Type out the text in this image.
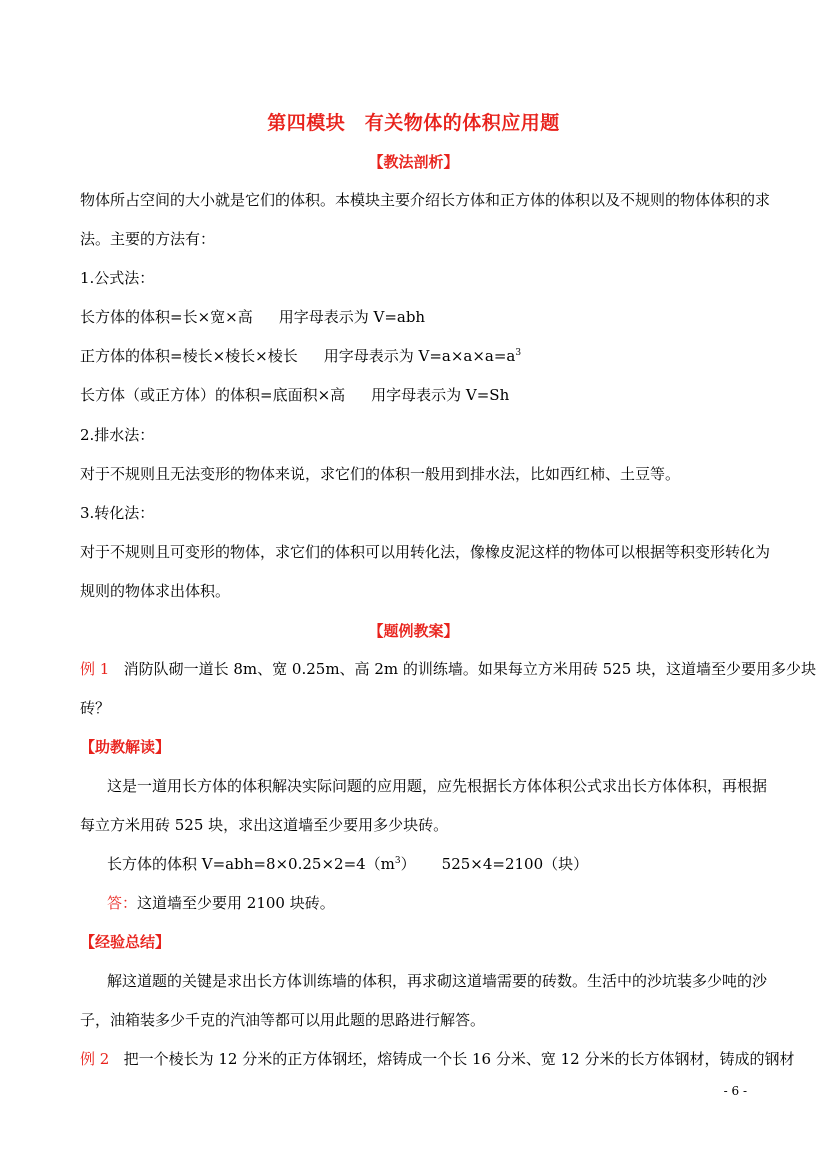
第四模块　有关物体的体积应用题
【教法剖析】
物体所占空间的大小就是它们的体积。本模块主要介绍长方体和正方体的体积以及不规则的物体体积的求
法。主要的方法有：
1.公式法：
长方体的体积=长×宽×高 用字母表示为 V=abh
正方体的体积=棱长×棱长×棱长 用字母表示为 $V=a\times a\times a=a^3$
长方体（或正方体）的体积=底面积×高 用字母表示为 V=Sh
2.排水法：
对于不规则且无法变形的物体来说，求它们的体积一般用到排水法，比如西红柿、土豆等。
3.转化法：
对于不规则且可变形的物体，求它们的体积可以用转化法，像橡皮泥这样的物体可以根据等积变形转化为
规则的物体求出体积。
【题例教案】
例 1 消防队砌一道长 8m、宽 0.25m、高 2m 的训练墙。如果每立方米用砖 525 块，这道墙至少要用多少块
砖？
【助教解读】
这是一道用长方体的体积解决实际问题的应用题，应先根据长方体体积公式求出长方体体积，再根据
每立方米用砖 525 块，求出这道墙至少要用多少块砖。
长方体的体积 $V=abh=8\times 0.25\times 2=4(m^3)$ 525×4=2100（块）
答：这道墙至少要用 2100 块砖。
【经验总结】
解这道题的关键是求出长方体训练墙的体积，再求砌这道墙需要的砖数。生活中的沙坑装多少吨的沙
子，油箱装多少千克的汽油等都可以用此题的思路进行解答。
例 2 把一个棱长为 12 分米的正方体钢坯，熔铸成一个长 16 分米、宽 12 分米的长方体钢材，铸成的钢材
- 6 -
